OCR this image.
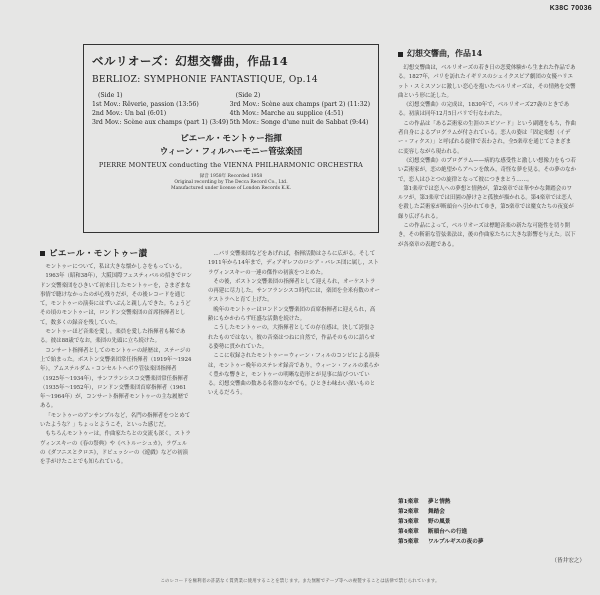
K38C 70036
ベルリオーズ：幻想交響曲，作品14
BERLIOZ: SYMPHONIE FANTASTIQUE, Op.14
(Side 1)
1st Mov.: Rêverie, passion (13:56)
2nd Mov.: Un bal (6:01)
3rd Mov.: Scène aux champs (part 1) (3:49)
(Side 2)
3rd Mov.: Scène aux champs (part 2) (11:32)
4th Mov.: Marche au supplice (4:51)
5th Mov.: Songe d'une nuit de Sabbat (9:44)
ピエール・モントゥー指揮
ウィーン・フィルハーモニー管弦楽団
PIERRE MONTEUX conducting the VIENNA PHILHARMONIC ORCHESTRA
録音 1958年 Recorded 1958
Original recording by The Decca Record Co., Ltd.
Manufactured under license of London Records K.K.
ピエール・モントゥー讃

モントゥーについて，私は大きな懐かしさをもっている。

1963年（昭和38年），大阪国際フェスティバルの招きでロンドン交響楽団をひきいて初来日したモントゥーを，さまざまな事情で聴けなかったのが心残りだが，その後レコードを通じて，モントゥーの演奏にはずいぶんと親しんできた。ちょうどその頃のモントゥーは，ロンドン交響楽団の首席指揮者として，数多くの録音を残していた。

モントゥーほど音楽を愛し，楽員を愛した指揮者も稀である。彼は88歳でなお，楽団の先頭に立ち続けた。

コンサート指揮者としてのモントゥーの経歴は，ステージの上で始まった。ボストン交響楽団常任指揮者（1919年〜1924年），アムステルダム・コンセルトヘボウ管弦楽団指揮者（1925年〜1934年），サンフランシスコ交響楽団常任指揮者（1935年〜1952年），ロンドン交響楽団首席指揮者（1961年〜1964年）が，コンサート指揮者モントゥーの主な履歴である。

「モントゥーのアンサンブルなど，名門の指揮者をつとめていたような？」ちょっとようこそ，といった感じだ。

もちろんモントゥーは，作曲家たちとの交流も深く，ストラヴィンスキーの《春の祭典》や《ペトルーシュカ》，ラヴェルの《ダフニスとクロエ》，ドビュッシーの《遊戯》などの初演を手がけたことでも知られている。

…パリ交響楽団などをあげれば，指揮活動はさらに広がる。そして1911年から14年まで，ディアギレフのロシア・バレエ団に属し，ストラヴィンスキーの一連の傑作の初演をつとめた。

その後，ボストン交響楽団の指揮者として迎えられ，オーケストラの再建に尽力した。サンフランシスコ時代には，楽団を全米有数のオーケストラへと育て上げた。

晩年のモントゥーはロンドン交響楽団の首席指揮者に迎えられ，高齢にもかかわらず旺盛な活動を続けた。

こうしたモントゥーの，大指揮者としての存在感は，決して誇張されたものではない。彼の音楽はつねに自然で，作品そのものに語らせる姿勢に貫かれていた。

ここに収録されたモントゥー＝ウィーン・フィルのコンビによる演奏は，モントゥー晩年のステレオ録音であり，ウィーン・フィルの柔らかく豊かな響きと，モントゥーの明晰な造形とが見事に結びついている。幻想交響曲の数ある名盤のなかでも，ひときわ味わい深いものといえるだろう。

幻想交響曲，作品14

幻想交響曲は，ベルリオーズの若き日の恋愛体験から生まれた作品である。1827年，パリを訪れたイギリスのシェイクスピア劇団の女優ハリエット・スミスソンに激しい恋心を抱いたベルリオーズは，その情熱を交響曲という形に託した。

《幻想交響曲》の完成は，1830年で，ベルリオーズ27歳のときである。初演は同年12月5日パリで行なわれた。

この作品は「ある芸術家の生涯のエピソード」という副題をもち，作曲者自身によるプログラムが付されている。恋人の姿は「固定楽想（イデー・フィクス）」と呼ばれる旋律で表わされ，全5楽章を通じてさまざまに変容しながら現われる。

《幻想交響曲》のプログラム——病的な感受性と激しい想像力をもつ若い芸術家が，恋の絶望からアヘンを飲み，奇怪な夢を見る。その夢のなかで，恋人はひとつの旋律となって彼につきまとう……。

第1楽章では恋人への夢想と情熱が，第2楽章では華やかな舞踏会のワルツが，第3楽章では田園の静けさと孤独が描かれる。第4楽章では恋人を殺した芸術家が断頭台へ引かれてゆき，第5楽章では魔女たちの夜宴が繰り広げられる。

この作品によって，ベルリオーズは標題音楽の新たな可能性を切り開き，その斬新な管弦楽法は，後の作曲家たちに大きな影響を与えた。以下が各楽章の表題である。

第1楽章 夢と情熱
第2楽章 舞踏会
第3楽章 野の風景
第4楽章 断頭台への行進
第5楽章 ワルプルギスの夜の夢
（皆井宏之）
このレコードを権利者の許諾なく賃貸業に使用することを禁じます。また無断でテープ等への複製することは法律で禁じられています。
